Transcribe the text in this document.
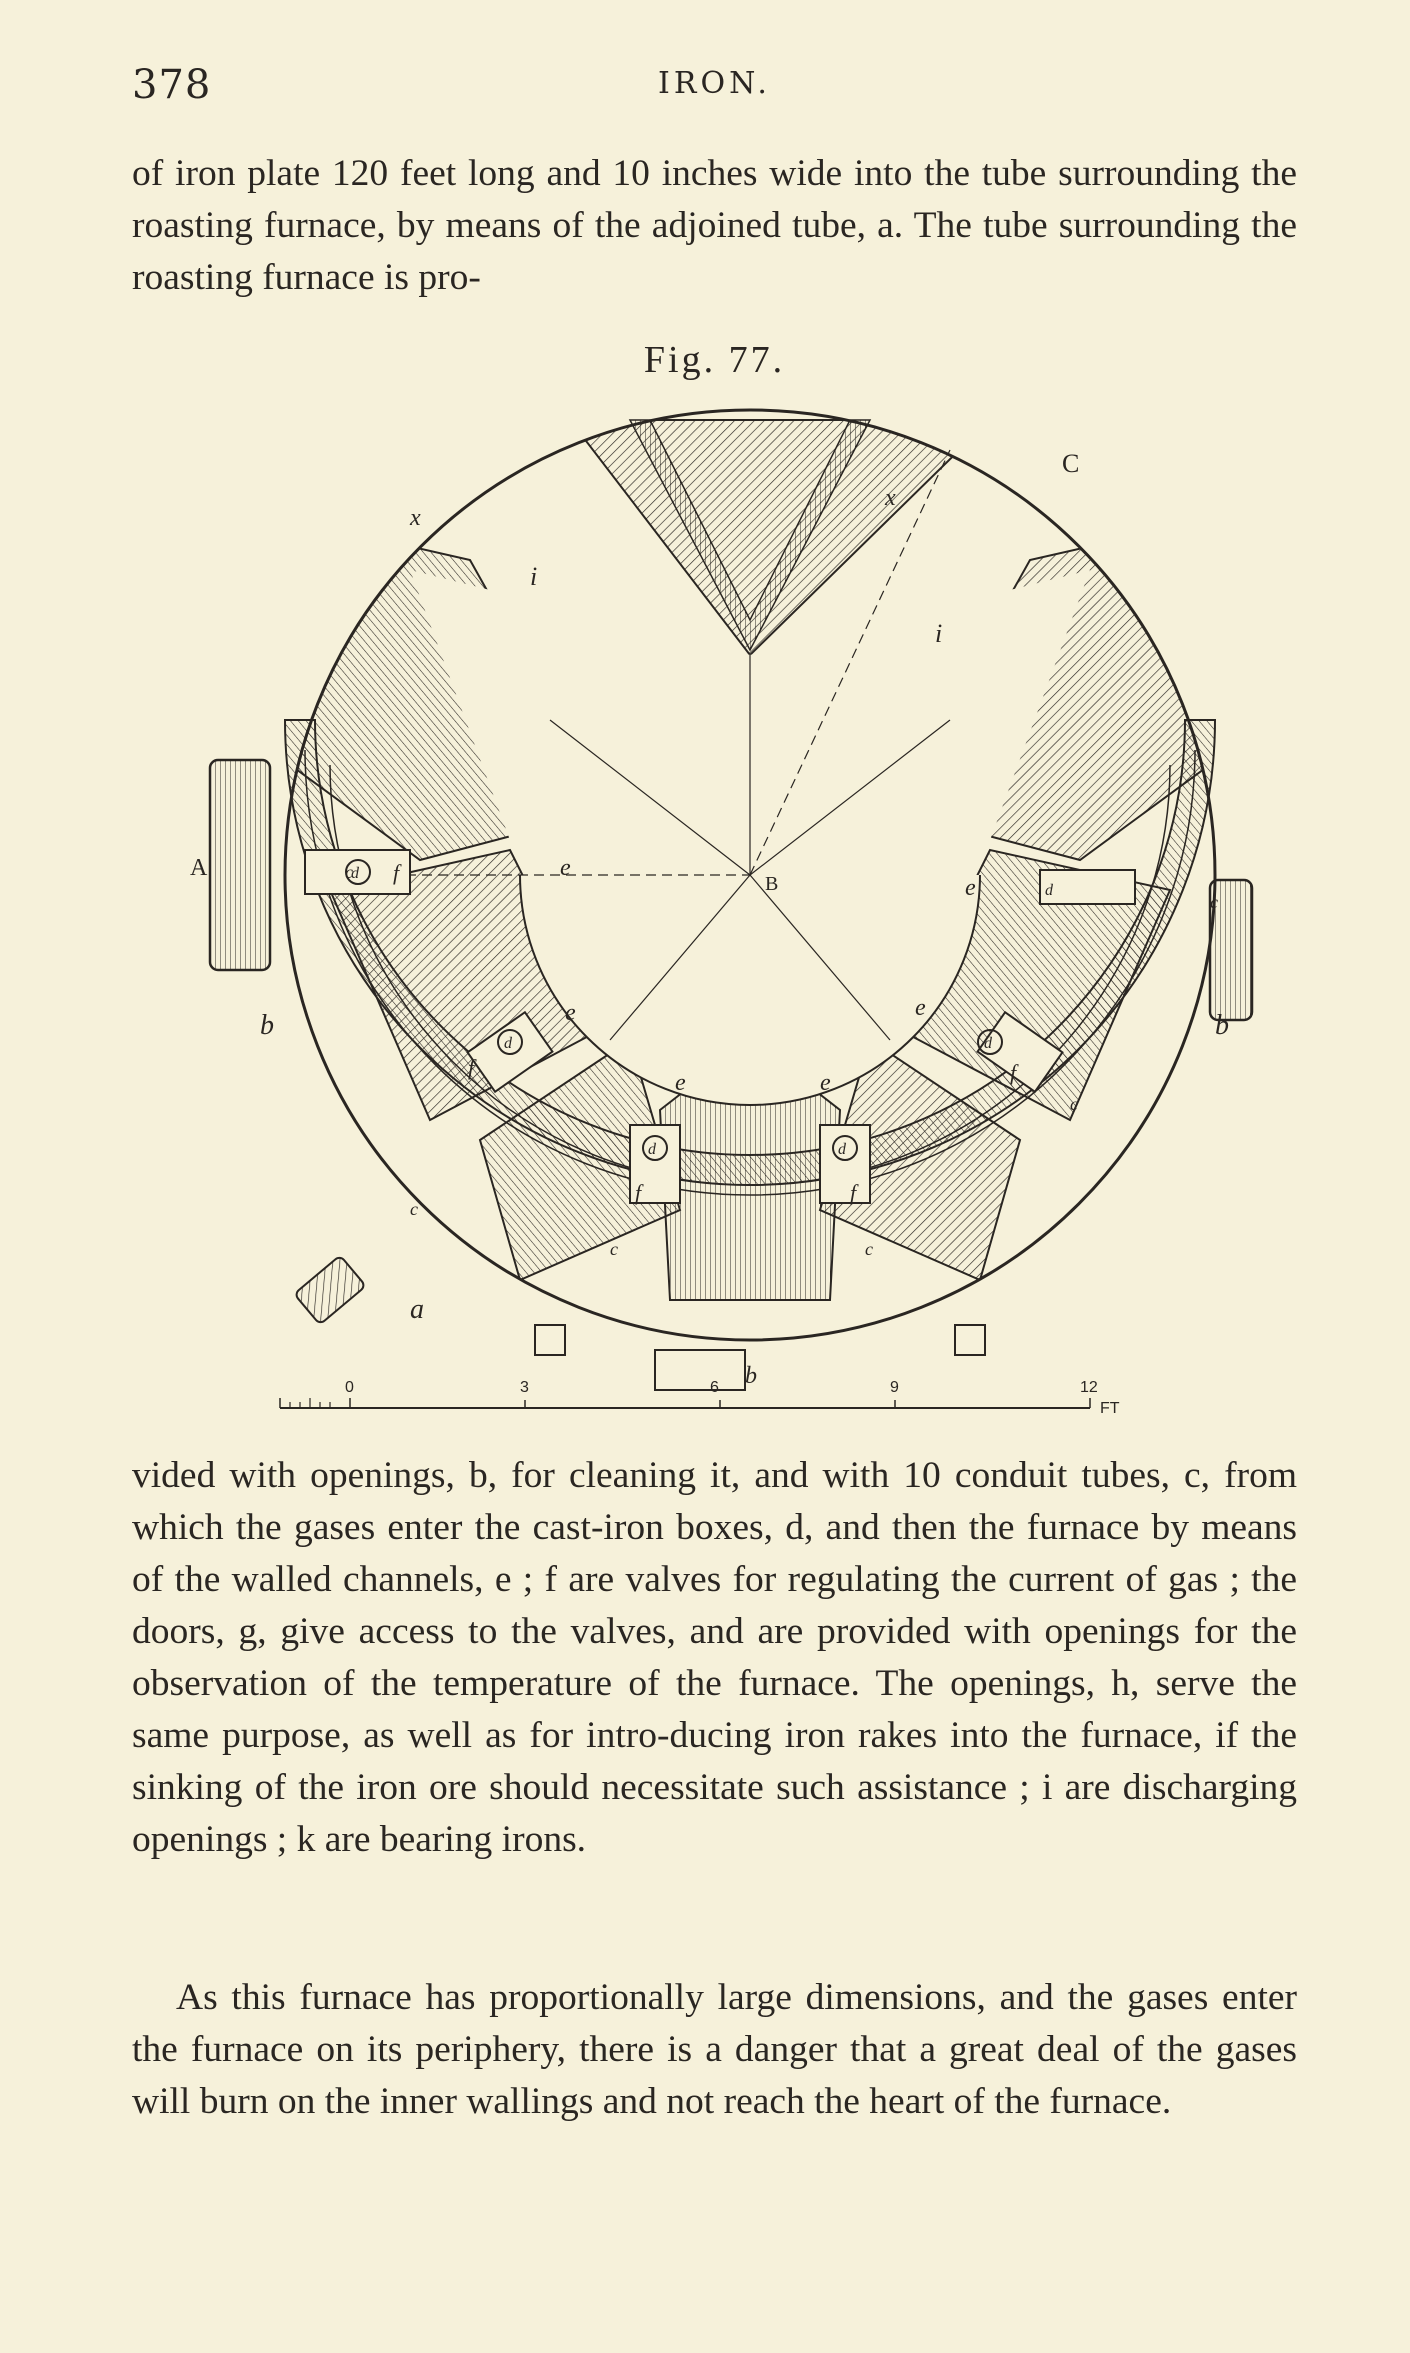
378	IRON.

of iron plate 120 feet long and 10 inches wide into the tube surrounding the roasting furnace, by means of the adjoined tube, a. The tube surrounding the roasting furnace is pro-

Fig. 77.
A
B
C
x
x
i
i
e
e
e	e
e
e
f
f
f	f
f
d
d
d	d
d
d
c
c
c	c
c
c
b	b
b
a
0	3	6	9	12
FT

vided with openings, b, for cleaning it, and with 10 conduit tubes, c, from which the gases enter the cast-iron boxes, d, and then the furnace by means of the walled channels, e ; f are valves for regulating the current of gas ; the doors, g, give access to the valves, and are provided with openings for the observation of the temperature of the furnace. The openings, h, serve the same purpose, as well as for intro-ducing iron rakes into the furnace, if the sinking of the iron ore should necessitate such assistance ; i are discharging openings ; k are bearing irons.

As this furnace has proportionally large dimensions, and the gases enter the furnace on its periphery, there is a danger that a great deal of the gases will burn on the inner wallings and not reach the heart of the furnace.
